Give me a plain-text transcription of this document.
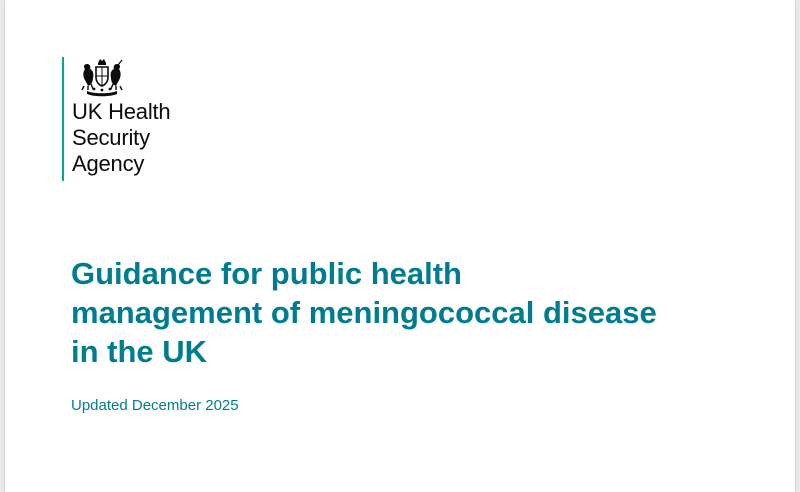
UK Health
Security
Agency
Guidance for public health
management of meningococcal disease
in the UK

Updated December 2025
